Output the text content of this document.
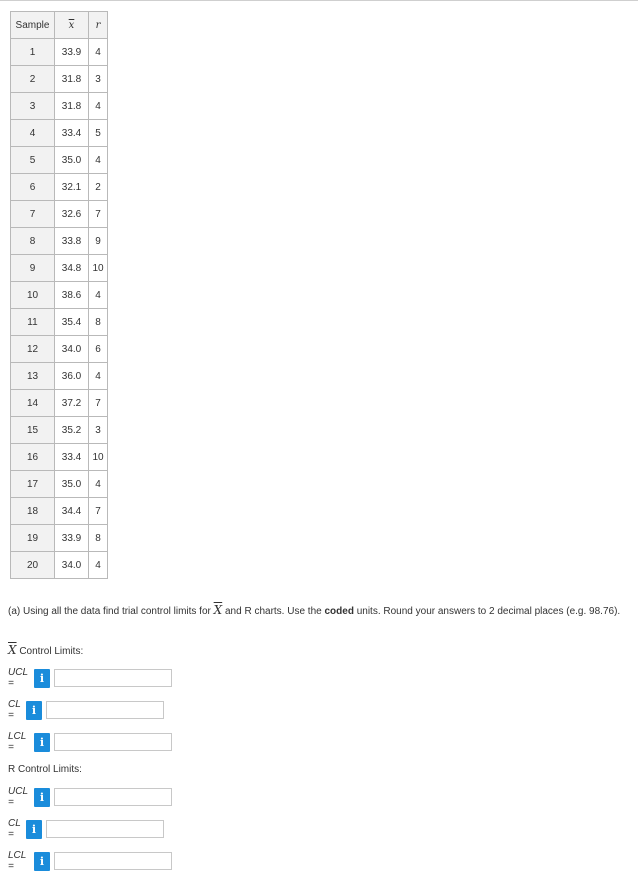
Sample	$\overline{x}$	r
1	33.9	4
2	31.8	3
3	31.8	4
4	33.4	5
5	35.0	4
6	32.1	2
7	32.6	7
8	33.8	9
9	34.8	10
10	38.6	4
11	35.4	8
12	34.0	6
13	36.0	4
14	37.2	7
15	35.2	3
16	33.4	10
17	35.0	4
18	34.4	7
19	33.9	8
20	34.0	4
(a) Using all the data find trial control limits for $\overline{X}$ and R charts. Use the coded units. Round your answers to 2 decimal places (e.g. 98.76).
$\overline{X}$ Control Limits:
UCL =	i
CL =	i
LCL =	i
R Control Limits:
UCL =	i
CL =	i
LCL =	i
